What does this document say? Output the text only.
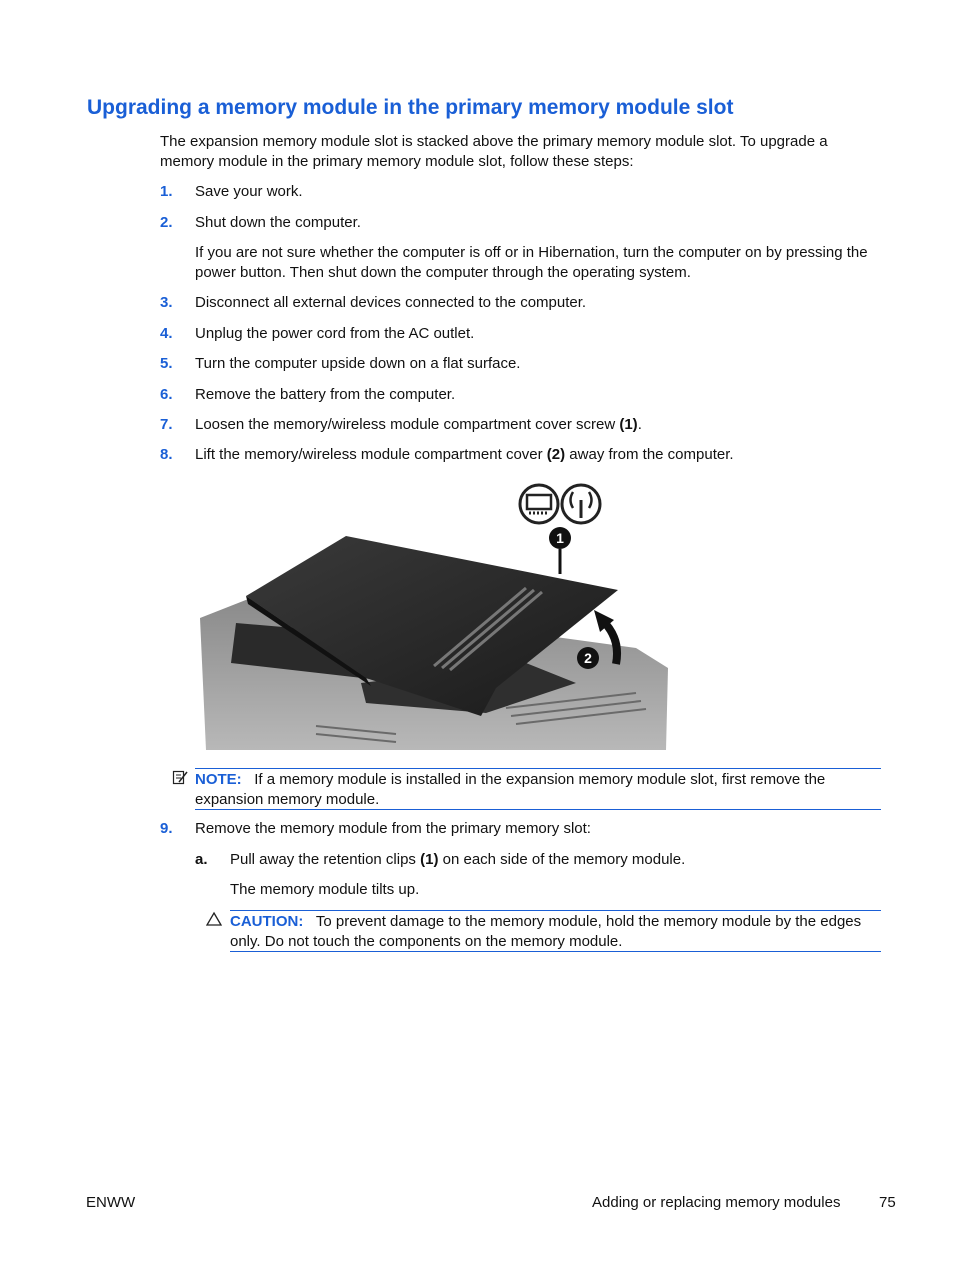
Upgrading a memory module in the primary memory module slot

The expansion memory module slot is stacked above the primary memory module slot. To upgrade a memory module in the primary memory module slot, follow these steps:

1. Save your work.
2. Shut down the computer.

If you are not sure whether the computer is off or in Hibernation, turn the computer on by pressing the power button. Then shut down the computer through the operating system.

3. Disconnect all external devices connected to the computer.
4. Unplug the power cord from the AC outlet.
5. Turn the computer upside down on a flat surface.
6. Remove the battery from the computer.
7. Loosen the memory/wireless module compartment cover screw (1).
8. Lift the memory/wireless module compartment cover (2) away from the computer.
1
2

NOTE: If a memory module is installed in the expansion memory module slot, first remove the expansion memory module.

9. Remove the memory module from the primary memory slot:
a. Pull away the retention clips (1) on each side of the memory module.

The memory module tilts up.

CAUTION: To prevent damage to the memory module, hold the memory module by the edges only. Do not touch the components on the memory module.

ENWW	Adding or replacing memory modules	75
